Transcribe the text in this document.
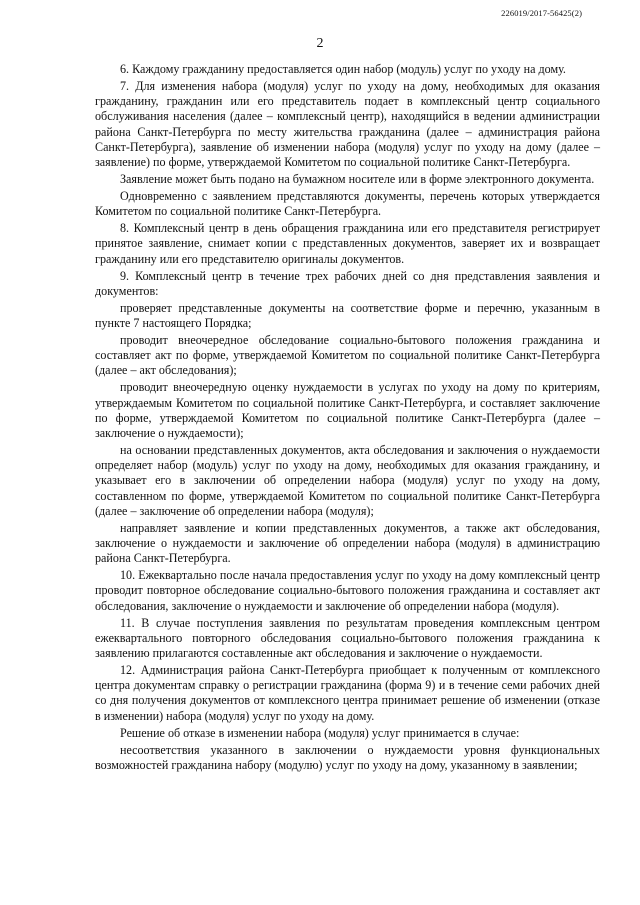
226019/2017-56425(2)
2

6. Каждому гражданину предоставляется один набор (модуль) услуг по уходу на дому.

7. Для изменения набора (модуля) услуг по уходу на дому, необходимых для оказания гражданину, гражданин или его представитель подает в комплексный центр социального обслуживания населения (далее – комплексный центр), находящийся в ведении администрации района Санкт-Петербурга по месту жительства гражданина (далее – администрация района Санкт-Петербурга), заявление об изменении набора (модуля) услуг по уходу на дому (далее – заявление) по форме, утверждаемой Комитетом по социальной политике Санкт-Петербурга.

Заявление может быть подано на бумажном носителе или в форме электронного документа.

Одновременно с заявлением представляются документы, перечень которых утверждается Комитетом по социальной политике Санкт-Петербурга.

8. Комплексный центр в день обращения гражданина или его представителя регистрирует принятое заявление, снимает копии с представленных документов, заверяет их и возвращает гражданину или его представителю оригиналы документов.

9. Комплексный центр в течение трех рабочих дней со дня представления заявления и документов:

проверяет представленные документы на соответствие форме и перечню, указанным в пункте 7 настоящего Порядка;

проводит внеочередное обследование социально-бытового положения гражданина и составляет акт по форме, утверждаемой Комитетом по социальной политике Санкт-Петербурга (далее – акт обследования);

проводит внеочередную оценку нуждаемости в услугах по уходу на дому по критериям, утверждаемым Комитетом по социальной политике Санкт-Петербурга, и составляет заключение по форме, утверждаемой Комитетом по социальной политике Санкт-Петербурга (далее – заключение о нуждаемости);

на основании представленных документов, акта обследования и заключения о нуждаемости определяет набор (модуль) услуг по уходу на дому, необходимых для оказания гражданину, и указывает его в заключении об определении набора (модуля) услуг по уходу на дому, составленном по форме, утверждаемой Комитетом по социальной политике Санкт-Петербурга (далее – заключение об определении набора (модуля);

направляет заявление и копии представленных документов, а также акт обследования, заключение о нуждаемости и заключение об определении набора (модуля) в администрацию района Санкт-Петербурга.

10. Ежеквартально после начала предоставления услуг по уходу на дому комплексный центр проводит повторное обследование социально-бытового положения гражданина и составляет акт обследования, заключение о нуждаемости и заключение об определении набора (модуля).

11. В случае поступления заявления по результатам проведения комплексным центром ежеквартального повторного обследования социально-бытового положения гражданина к заявлению прилагаются составленные акт обследования и заключение о нуждаемости.

12. Администрация района Санкт-Петербурга приобщает к полученным от комплексного центра документам справку о регистрации гражданина (форма 9) и в течение семи рабочих дней со дня получения документов от комплексного центра принимает решение об изменении (отказе в изменении) набора (модуля) услуг по уходу на дому.

Решение об отказе в изменении набора (модуля) услуг принимается в случае:

несоответствия указанного в заключении о нуждаемости уровня функциональных возможностей гражданина набору (модулю) услуг по уходу на дому, указанному в заявлении;
